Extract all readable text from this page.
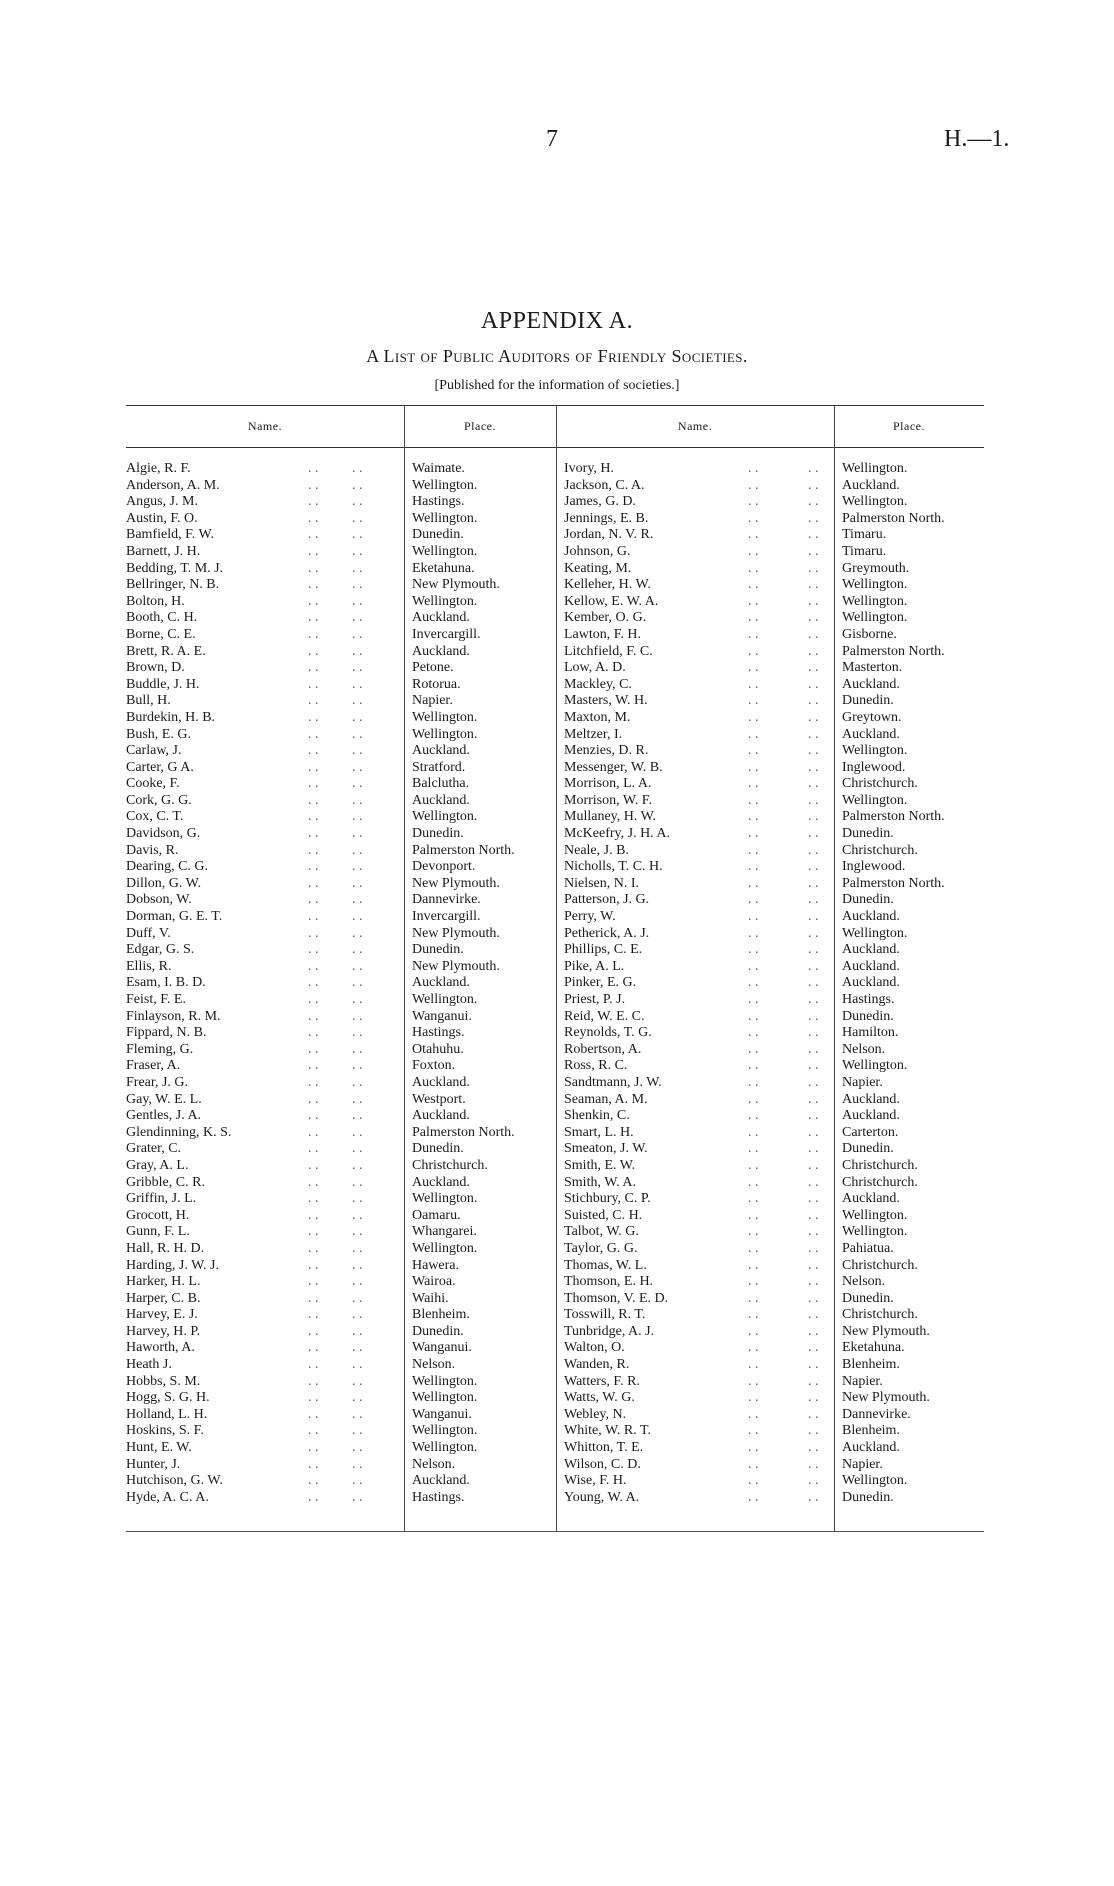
7	H.—1.
APPENDIX A.
A List of Public Auditors of Friendly Societies.
[Published for the information of societies.]
Name.	Place.	Name.	Place.
Algie, R. F.	Waimate.	Ivory, H.	Wellington.
. . . .	. .	. .
Anderson, A. M.	Wellington.	Jackson, C. A.	Auckland.
. . . .	. .	. .
Angus, J. M.	Hastings.	James, G. D.	Wellington.
. . . .	. .	. .
Austin, F. O.	Wellington.	Jennings, E. B.	Palmerston North.
. . . .	. .	. .
Bamfield, F. W.	Dunedin.	Jordan, N. V. R.	Timaru.
. . . .	. .	. .
Barnett, J. H.	Wellington.	Johnson, G.	Timaru.
. . . .	. .	. .
Bedding, T. M. J.	Eketahuna.	Keating, M.	Greymouth.
. . . .	. .	. .
Bellringer, N. B.	New Plymouth.	Kelleher, H. W.	Wellington.
. . . .	. .	. .
Bolton, H.	Wellington.	Kellow, E. W. A.	Wellington.
. . . .	. .	. .
Booth, C. H.	Auckland.	Kember, O. G.	Wellington.
. . . .	. .	. .
Borne, C. E.	Invercargill.	Lawton, F. H.	Gisborne.
. . . .	. .	. .
Brett, R. A. E.	Auckland.	Litchfield, F. C.	Palmerston North.
. . . .	. .	. .
Brown, D.	Petone.	Low, A. D.	Masterton.
. . . .	. .	. .
Buddle, J. H.	Rotorua.	Mackley, C.	Auckland.
. . . .	. .	. .
Bull, H.	Napier.	Masters, W. H.	Dunedin.
. . . .	. .	. .
Burdekin, H. B.	Wellington.	Maxton, M.	Greytown.
. . . .	. .	. .
Bush, E. G.	Wellington.	Meltzer, I.	Auckland.
. . . .	. .	. .
Carlaw, J.	Auckland.	Menzies, D. R.	Wellington.
. . . .	. .	. .
Carter, G A.	Stratford.	Messenger, W. B.	Inglewood.
. . . .	. .	. .
Cooke, F.	Balclutha.	Morrison, L. A.	Christchurch.
. . . .	. .	. .
Cork, G. G.	Auckland.	Morrison, W. F.	Wellington.
. . . .	. .	. .
Cox, C. T.	Wellington.	Mullaney, H. W.	Palmerston North.
. . . .	. .	. .
Davidson, G.	Dunedin.	McKeefry, J. H. A.	Dunedin.
. . . .	. .	. .
Davis, R.	Palmerston North.	Neale, J. B.	Christchurch.
. . . .	. .	. .
Dearing, C. G.	Devonport.	Nicholls, T. C. H.	Inglewood.
. . . .	. .	. .
Dillon, G. W.	New Plymouth.	Nielsen, N. I.	Palmerston North.
. . . .	. .	. .
Dobson, W.	Dannevirke.	Patterson, J. G.	Dunedin.
. . . .	. .	. .
Dorman, G. E. T.	Invercargill.	Perry, W.	Auckland.
. . . .	. .	. .
Duff, V.	New Plymouth.	Petherick, A. J.	Wellington.
. . . .	. .	. .
Edgar, G. S.	Dunedin.	Phillips, C. E.	Auckland.
. . . .	. .	. .
Ellis, R.	New Plymouth.	Pike, A. L.	Auckland.
. . . .	. .	. .
Esam, I. B. D.	Auckland.	Pinker, E. G.	Auckland.
. . . .	. .	. .
Feist, F. E.	Wellington.	Priest, P. J.	Hastings.
. . . .	. .	. .
Finlayson, R. M.	Wanganui.	Reid, W. E. C.	Dunedin.
. . . .	. .	. .
Fippard, N. B.	Hastings.	Reynolds, T. G.	Hamilton.
. . . .	. .	. .
Fleming, G.	Otahuhu.	Robertson, A.	Nelson.
. . . .	. .	. .
Fraser, A.	Foxton.	Ross, R. C.	Wellington.
. . . .	. .	. .
Frear, J. G.	Auckland.	Sandtmann, J. W.	Napier.
. . . .	. .	. .
Gay, W. E. L.	Westport.	Seaman, A. M.	Auckland.
. . . .	. .	. .
Gentles, J. A.	Auckland.	Shenkin, C.	Auckland.
. . . .	. .	. .
Glendinning, K. S.	Palmerston North.	Smart, L. H.	Carterton.
. . . .	. .	. .
Grater, C.	Dunedin.	Smeaton, J. W.	Dunedin.
. . . .	. .	. .
Gray, A. L.	Christchurch.	Smith, E. W.	Christchurch.
. . . .	. .	. .
Gribble, C. R.	Auckland.	Smith, W. A.	Christchurch.
. . . .	. .	. .
Griffin, J. L.	Wellington.	Stichbury, C. P.	Auckland.
. . . .	. .	. .
Grocott, H.	Oamaru.	Suisted, C. H.	Wellington.
. . . .	. .	. .
Gunn, F. L.	Whangarei.	Talbot, W. G.	Wellington.
. . . .	. .	. .
Hall, R. H. D.	Wellington.	Taylor, G. G.	Pahiatua.
. . . .	. .	. .
Harding, J. W. J.	Hawera.	Thomas, W. L.	Christchurch.
. . . .	. .	. .
Harker, H. L.	Wairoa.	Thomson, E. H.	Nelson.
. . . .	. .	. .
Harper, C. B.	Waihi.	Thomson, V. E. D.	Dunedin.
. . . .	. .	. .
Harvey, E. J.	Blenheim.	Tosswill, R. T.	Christchurch.
. . . .	. .	. .
Harvey, H. P.	Dunedin.	Tunbridge, A. J.	New Plymouth.
. . . .	. .	. .
Haworth, A.	Wanganui.	Walton, O.	Eketahuna.
. . . .	. .	. .
Heath J.	Nelson.	Wanden, R.	Blenheim.
. . . .	. .	. .
Hobbs, S. M.	Wellington.	Watters, F. R.	Napier.
. . . .	. .	. .
Hogg, S. G. H.	Wellington.	Watts, W. G.	New Plymouth.
. . . .	. .	. .
Holland, L. H.	Wanganui.	Webley, N.	Dannevirke.
. . . .	. .	. .
Hoskins, S. F.	Wellington.	White, W. R. T.	Blenheim.
. . . .	. .	. .
Hunt, E. W.	Wellington.	Whitton, T. E.	Auckland.
. . . .	. .	. .
Hunter, J.	Nelson.	Wilson, C. D.	Napier.
. . . .	. .	. .
Hutchison, G. W.	Auckland.	Wise, F. H.	Wellington.
. . . .	. .	. .
Hyde, A. C. A.	Hastings.	Young, W. A.	Dunedin.
. . . .	. .	. .
